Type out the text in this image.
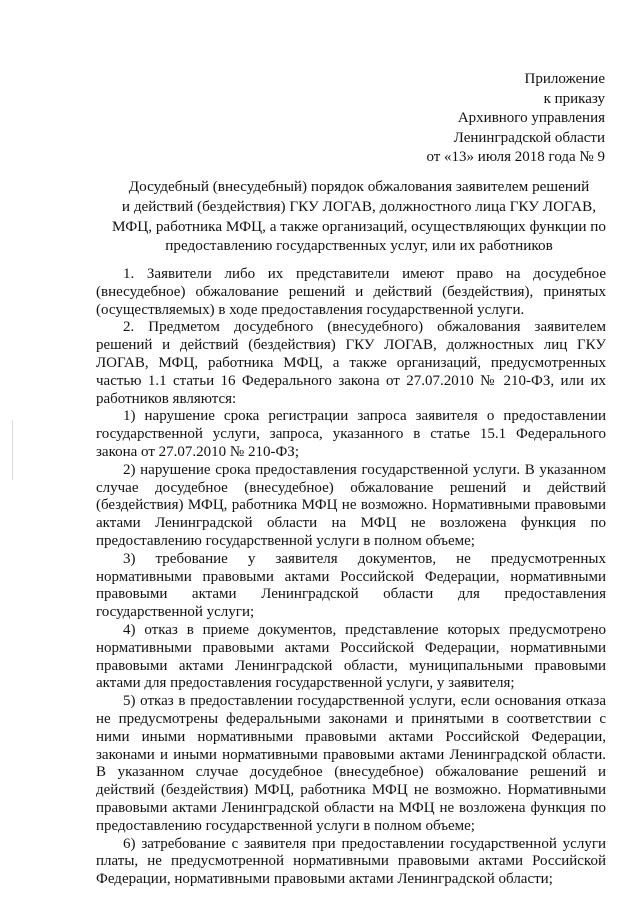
Приложение
к приказу
Архивного управления
Ленинградской области
от «13» июля 2018 года № 9
Досудебный (внесудебный) порядок обжалования заявителем решений
и действий (бездействия) ГКУ ЛОГАВ, должностного лица ГКУ ЛОГАВ,
МФЦ, работника МФЦ, а также организаций, осуществляющих функции по
предоставлению государственных услуг, или их работников

1. Заявители либо их представители имеют право на досудебное (внесудебное) обжалование решений и действий (бездействия), принятых (осуществляемых) в ходе предоставления государственной услуги.

2. Предметом досудебного (внесудебного) обжалования заявителем решений и действий (бездействия) ГКУ ЛОГАВ, должностных лиц ГКУ ЛОГАВ, МФЦ, работника МФЦ, а также организаций, предусмотренных частью 1.1 статьи 16 Федерального закона от 27.07.2010 № 210-ФЗ, или их работников являются:

1) нарушение срока регистрации запроса заявителя о предоставлении государственной услуги, запроса, указанного в статье 15.1 Федерального закона от 27.07.2010 № 210-ФЗ;

2) нарушение срока предоставления государственной услуги. В указанном случае досудебное (внесудебное) обжалование решений и действий (бездействия) МФЦ, работника МФЦ не возможно. Нормативными правовыми актами Ленинградской области на МФЦ не возложена функция по предоставлению государственной услуги в полном объеме;

3) требование у заявителя документов, не предусмотренных нормативными правовыми актами Российской Федерации, нормативными правовыми актами Ленинградской области для предоставления государственной услуги;

4) отказ в приеме документов, представление которых предусмотрено нормативными правовыми актами Российской Федерации, нормативными правовыми актами Ленинградской области, муниципальными правовыми актами для предоставления государственной услуги, у заявителя;

5) отказ в предоставлении государственной услуги, если основания отказа не предусмотрены федеральными законами и принятыми в соответствии с ними иными нормативными правовыми актами Российской Федерации, законами и иными нормативными правовыми актами Ленинградской области. В указанном случае досудебное (внесудебное) обжалование решений и действий (бездействия) МФЦ, работника МФЦ не возможно. Нормативными правовыми актами Ленинградской области на МФЦ не возложена функция по предоставлению государственной услуги в полном объеме;

6) затребование с заявителя при предоставлении государственной услуги платы, не предусмотренной нормативными правовыми актами Российской Федерации, нормативными правовыми актами Ленинградской области;
